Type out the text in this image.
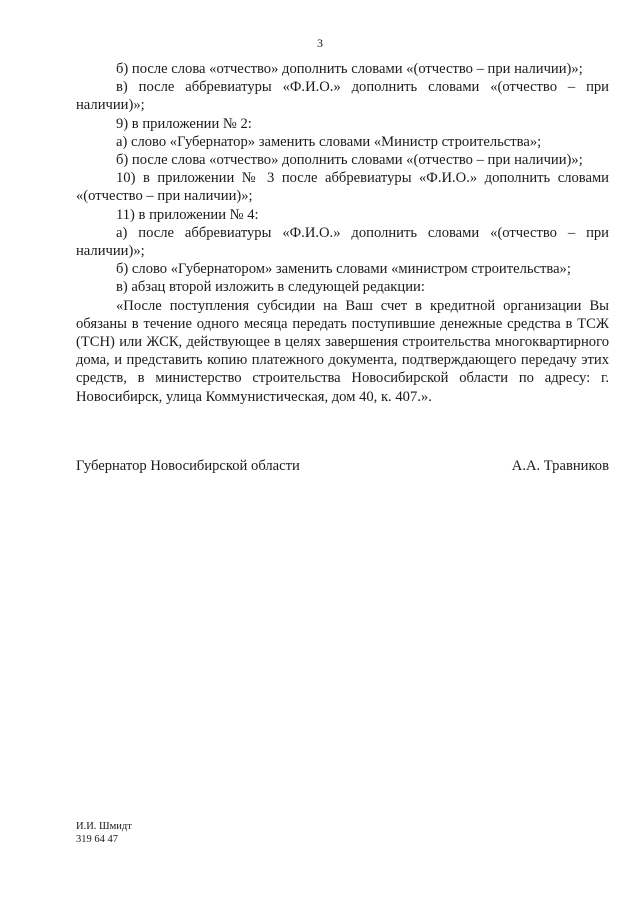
3

б) после слова «отчество» дополнить словами «(отчество – при наличии)»;

в) после аббревиатуры «Ф.И.О.» дополнить словами «(отчество – при наличии)»;

9) в приложении № 2:

а) слово «Губернатор» заменить словами «Министр строительства»;

б) после слова «отчество» дополнить словами «(отчество – при наличии)»;

10) в приложении № 3 после аббревиатуры «Ф.И.О.» дополнить словами «(отчество – при наличии)»;

11) в приложении № 4:

а) после аббревиатуры «Ф.И.О.» дополнить словами «(отчество – при наличии)»;

б) слово «Губернатором» заменить словами «министром строительства»;

в) абзац второй изложить в следующей редакции:

«После поступления субсидии на Ваш счет в кредитной организации Вы обязаны в течение одного месяца передать поступившие денежные средства в ТСЖ (ТСН) или ЖСК, действующее в целях завершения строительства многоквартирного дома, и представить копию платежного документа, подтверждающего передачу этих средств, в министерство строительства Новосибирской области по адресу: г. Новосибирск, улица Коммунистическая, дом 40, к. 407.».

Губернатор Новосибирской области	А.А. Травников
И.И. Шмидт
319 64 47
